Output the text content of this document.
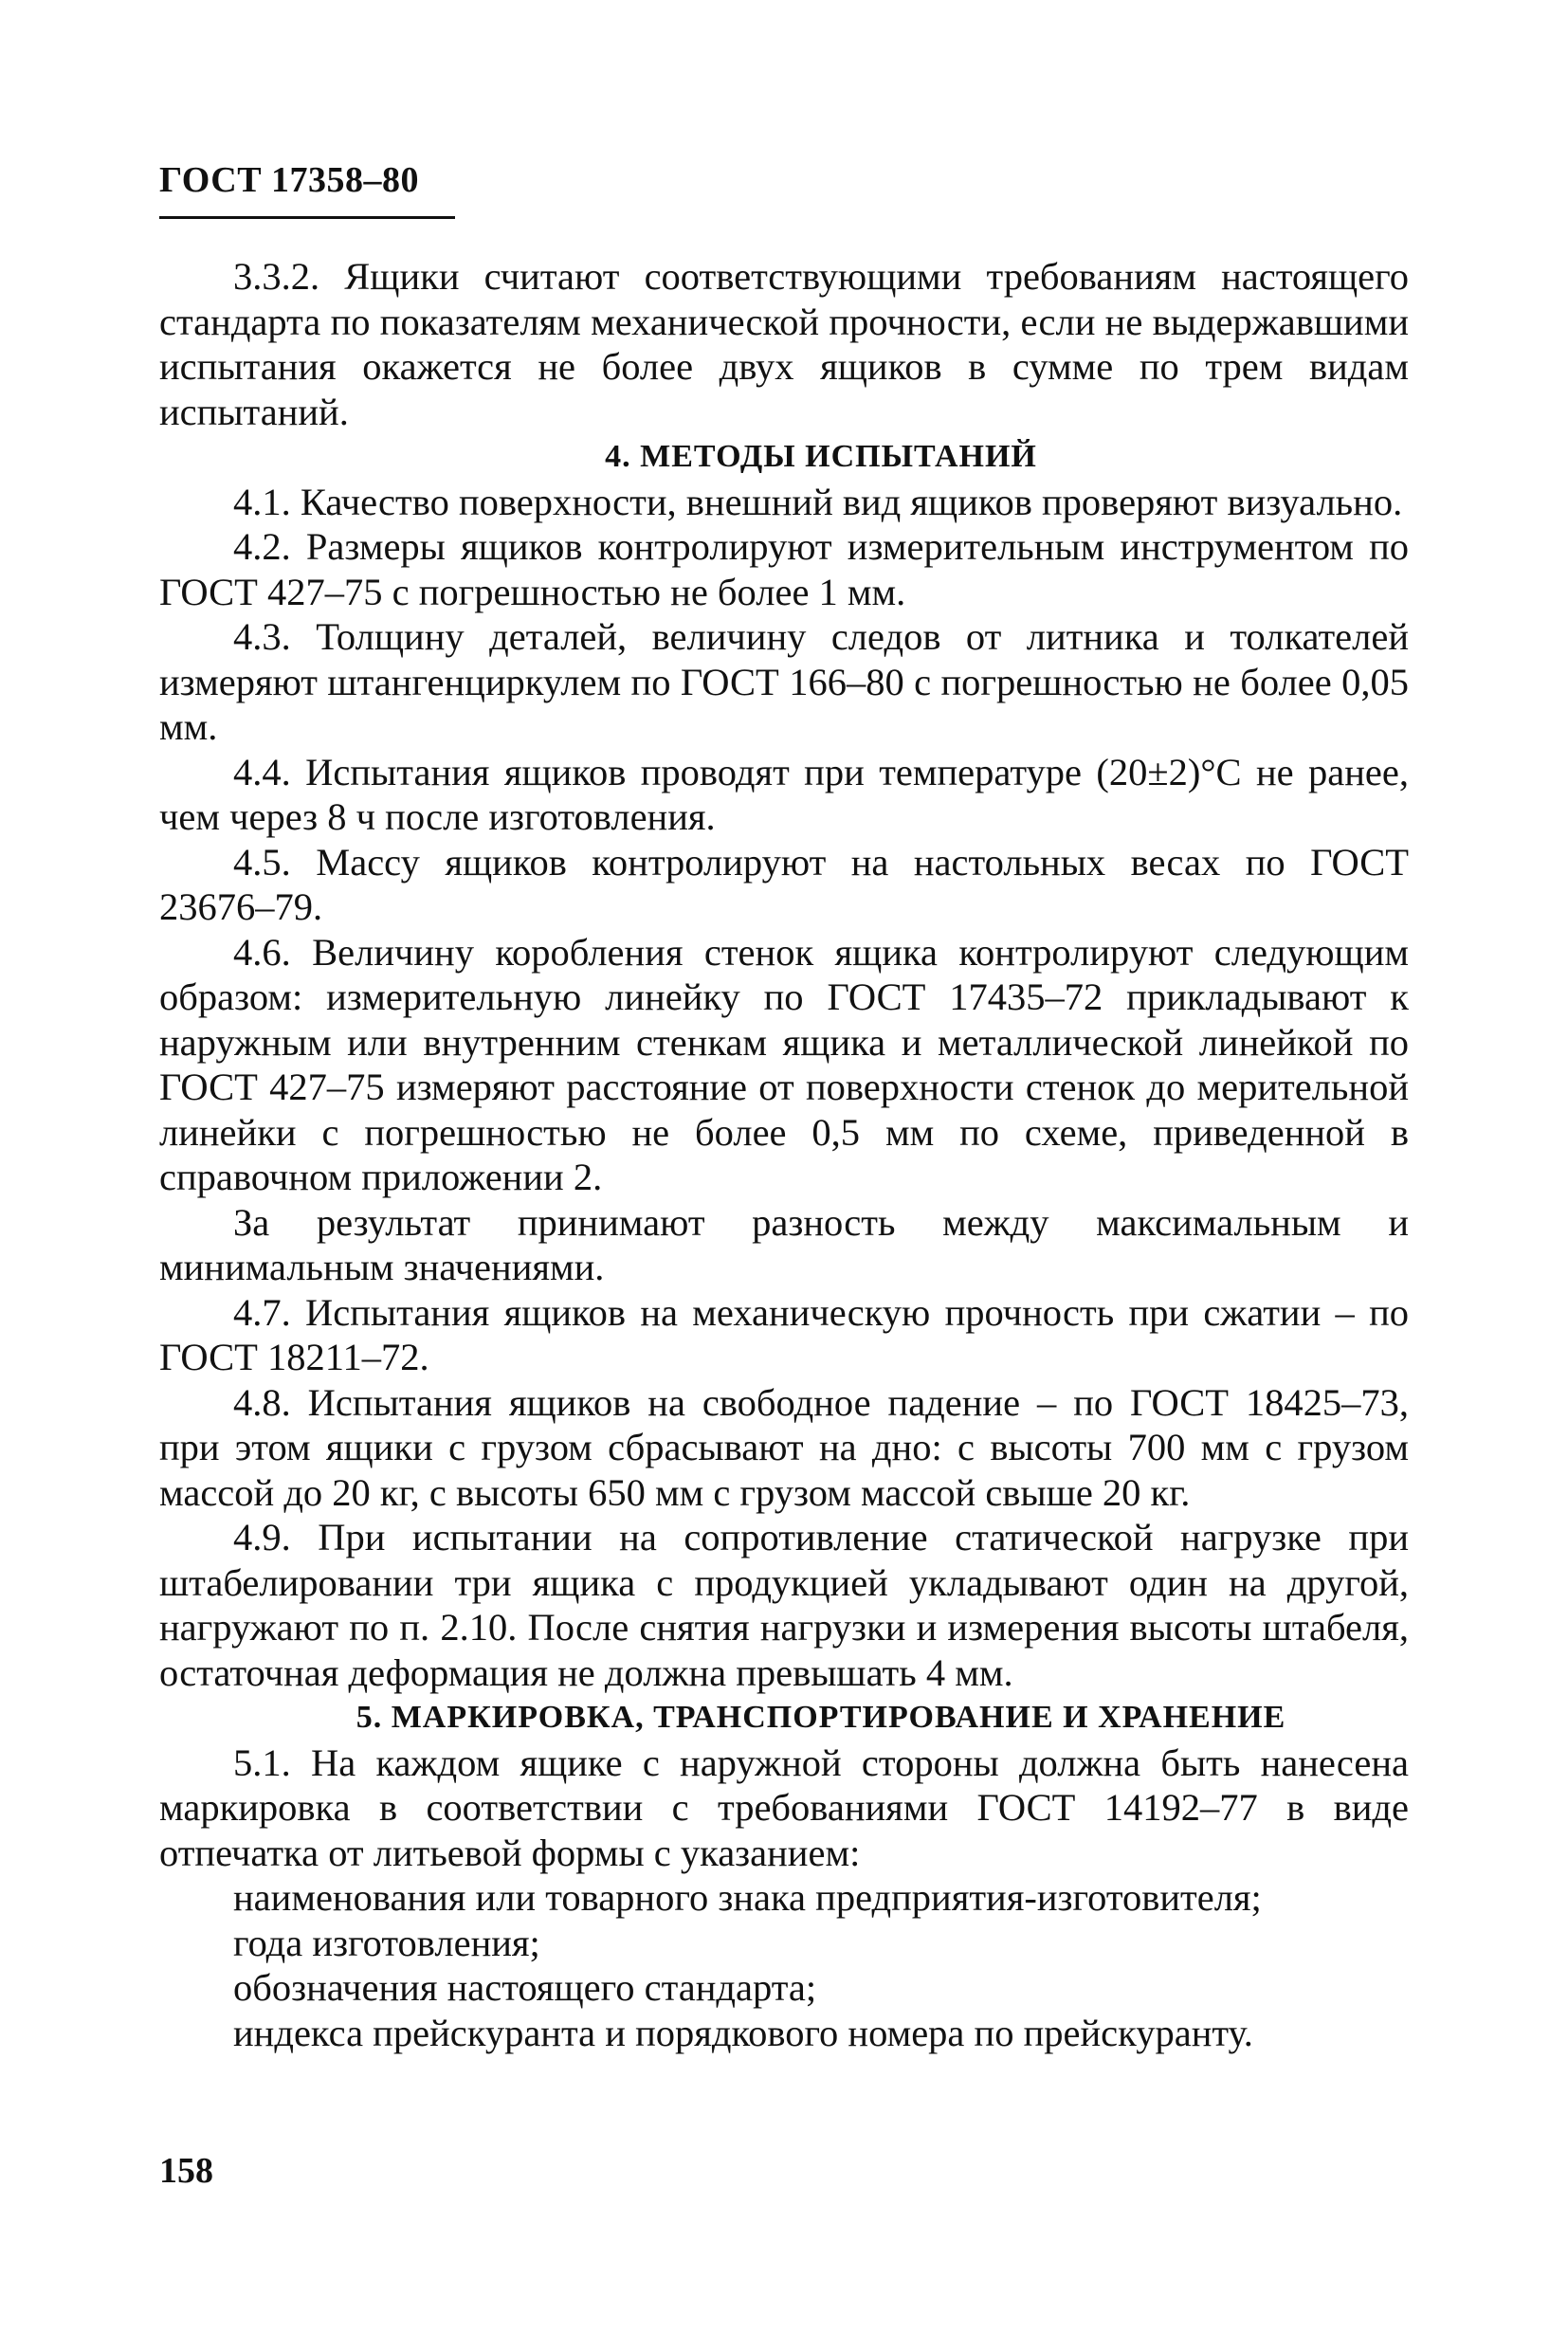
ГОСТ 17358–80

3.3.2. Ящики считают соответствующими требованиям настоящего стандарта по показателям механической прочности, если не выдержавшими испытания окажется не более двух ящиков в сумме по трем видам испытаний.

4. МЕТОДЫ ИСПЫТАНИЙ

4.1. Качество поверхности, внешний вид ящиков проверяют визуально.

4.2. Размеры ящиков контролируют измерительным инструментом по ГОСТ 427–75 с погрешностью не более 1 мм.

4.3. Толщину деталей, величину следов от литника и толкателей измеряют штангенциркулем по ГОСТ 166–80 с погрешностью не более 0,05 мм.

4.4. Испытания ящиков проводят при температуре (20±2)°С не ранее, чем через 8 ч после изготовления.

4.5. Массу ящиков контролируют на настольных весах по ГОСТ 23676–79.

4.6. Величину коробления стенок ящика контролируют следующим образом: измерительную линейку по ГОСТ 17435–72 прикладывают к наружным или внутренним стенкам ящика и металлической линейкой по ГОСТ 427–75 измеряют расстояние от поверхности стенок до мерительной линейки с погрешностью не более 0,5 мм по схеме, приведенной в справочном приложении 2.

За результат принимают разность между максимальным и минимальным значениями.

4.7. Испытания ящиков на механическую прочность при сжатии – по ГОСТ 18211–72.

4.8. Испытания ящиков на свободное падение – по ГОСТ 18425–73, при этом ящики с грузом сбрасывают на дно: с высоты 700 мм с грузом массой до 20 кг, с высоты 650 мм с грузом массой свыше 20 кг.

4.9. При испытании на сопротивление статической нагрузке при штабелировании три ящика с продукцией укладывают один на другой, нагружают по п. 2.10. После снятия нагрузки и измерения высоты штабеля, остаточная деформация не должна превышать 4 мм.

5. МАРКИРОВКА, ТРАНСПОРТИРОВАНИЕ И ХРАНЕНИЕ

5.1. На каждом ящике с наружной стороны должна быть нанесена маркировка в соответствии с требованиями ГОСТ 14192–77 в виде отпечатка от литьевой формы с указанием:

наименования или товарного знака предприятия-изготовителя;

года изготовления;

обозначения настоящего стандарта;

индекса прейскуранта и порядкового номера по прейскуранту.

158
